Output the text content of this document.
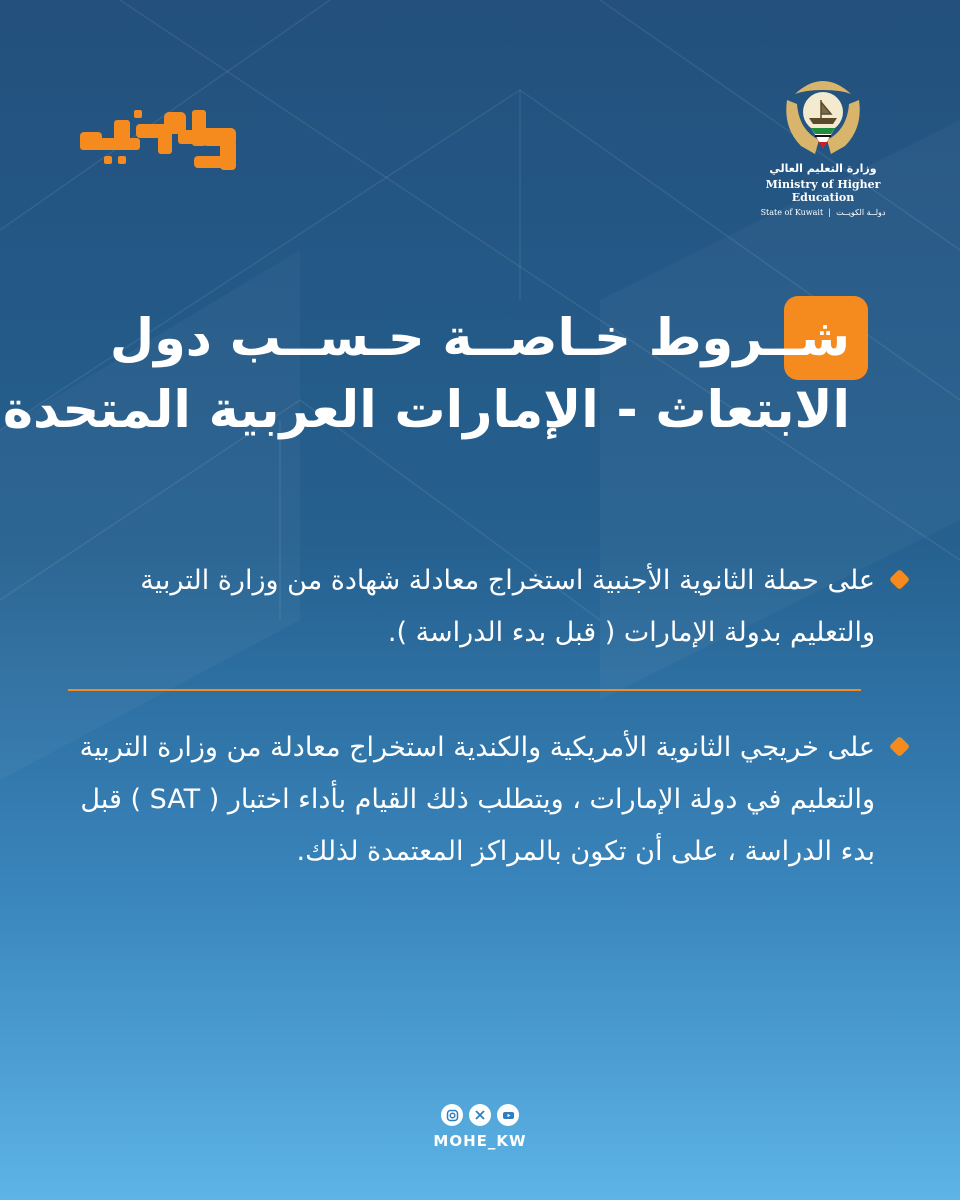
وزارة التعليم العالي
Ministry of Higher Education
State of Kuwait  |  دولــة الكويــت
شــروط خـاصــة حـســب دول
الابتعاث - الإمارات العربية المتحدة
على حملة الثانوية الأجنبية استخراج معادلة شهادة من وزارة التربية والتعليم بدولة الإمارات ( قبل بدء الدراسة ).
على خريجي الثانوية الأمريكية والكندية استخراج معادلة من وزارة التربية والتعليم في دولة الإمارات ، ويتطلب ذلك القيام بأداء اختبار ( SAT ) قبل بدء الدراسة ، على أن تكون بالمراكز المعتمدة لذلك.
MOHE_KW
